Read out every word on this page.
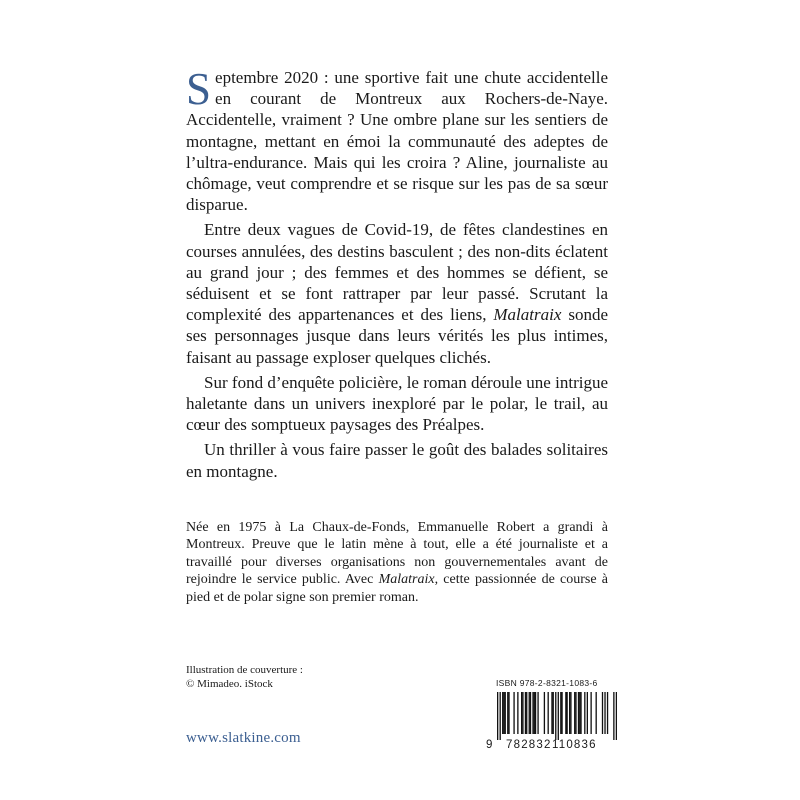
Septembre 2020 : une sportive fait une chute accidentelle en courant de Montreux aux Rochers-de-Naye. Accidentelle, vraiment ? Une ombre plane sur les sentiers de montagne, mettant en émoi la communauté des adeptes de l’ultra-endurance. Mais qui les croira ? Aline, journaliste au chômage, veut comprendre et se risque sur les pas de sa sœur disparue.

Entre deux vagues de Covid-19, de fêtes clandestines en courses annulées, des destins basculent ; des non-dits éclatent au grand jour ; des femmes et des hommes se défient, se séduisent et se font rattraper par leur passé. Scrutant la complexité des appartenances et des liens, Malatraix sonde ses personnages jusque dans leurs vérités les plus intimes, faisant au passage exploser quelques clichés.

Sur fond d’enquête policière, le roman déroule une intrigue haletante dans un univers inexploré par le polar, le trail, au cœur des somptueux paysages des Préalpes.

Un thriller à vous faire passer le goût des balades solitaires en montagne.

Née en 1975 à La Chaux-de-Fonds, Emmanuelle Robert a grandi à Montreux. Preuve que le latin mène à tout, elle a été journaliste et a travaillé pour diverses organisations non gouvernementales avant de rejoindre le service public. Avec Malatraix, cette passionnée de course à pied et de polar signe son premier roman.

Illustration de couverture :
© Mimadeo. iStock
www.slatkine.com
ISBN 978-2-8321-1083-6
9 782832 110836
